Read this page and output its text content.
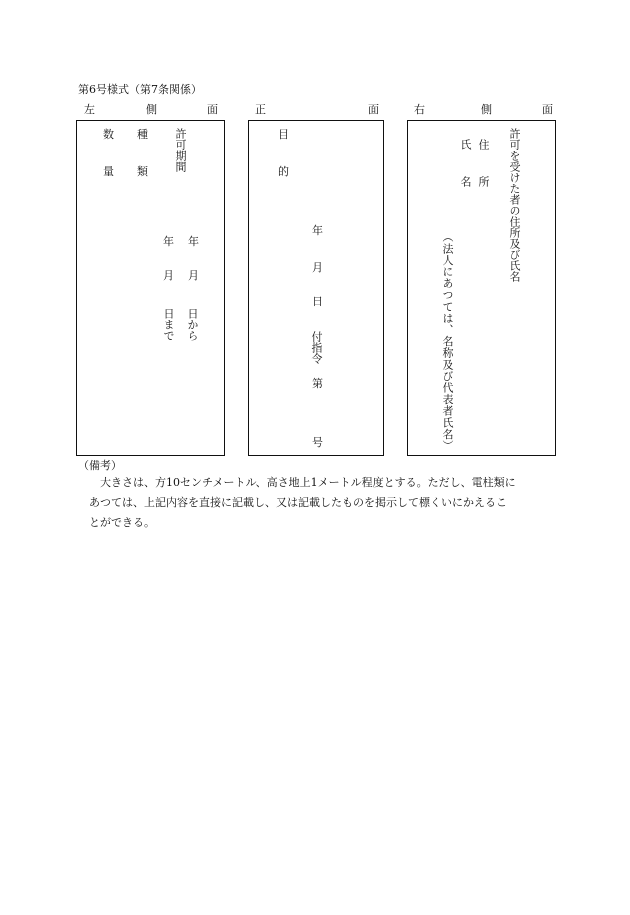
第6号様式（第7条関係）
左	側	面	正	面	右	側	面
数
量
種
類 許可期間
年
月
日から
年
月
日まで
目
的
年
月
日
付指令
第
号
許可を受けた者の住所及び氏名
住所
氏名
（法人にあつては、名称及び代表者氏名）
（備考）
大きさは、方10センチメートル、高さ地上1メートル程度とする。ただし、電柱類に
あつては、上記内容を直接に記載し、又は記載したものを掲示して標くいにかえるこ
とができる。
